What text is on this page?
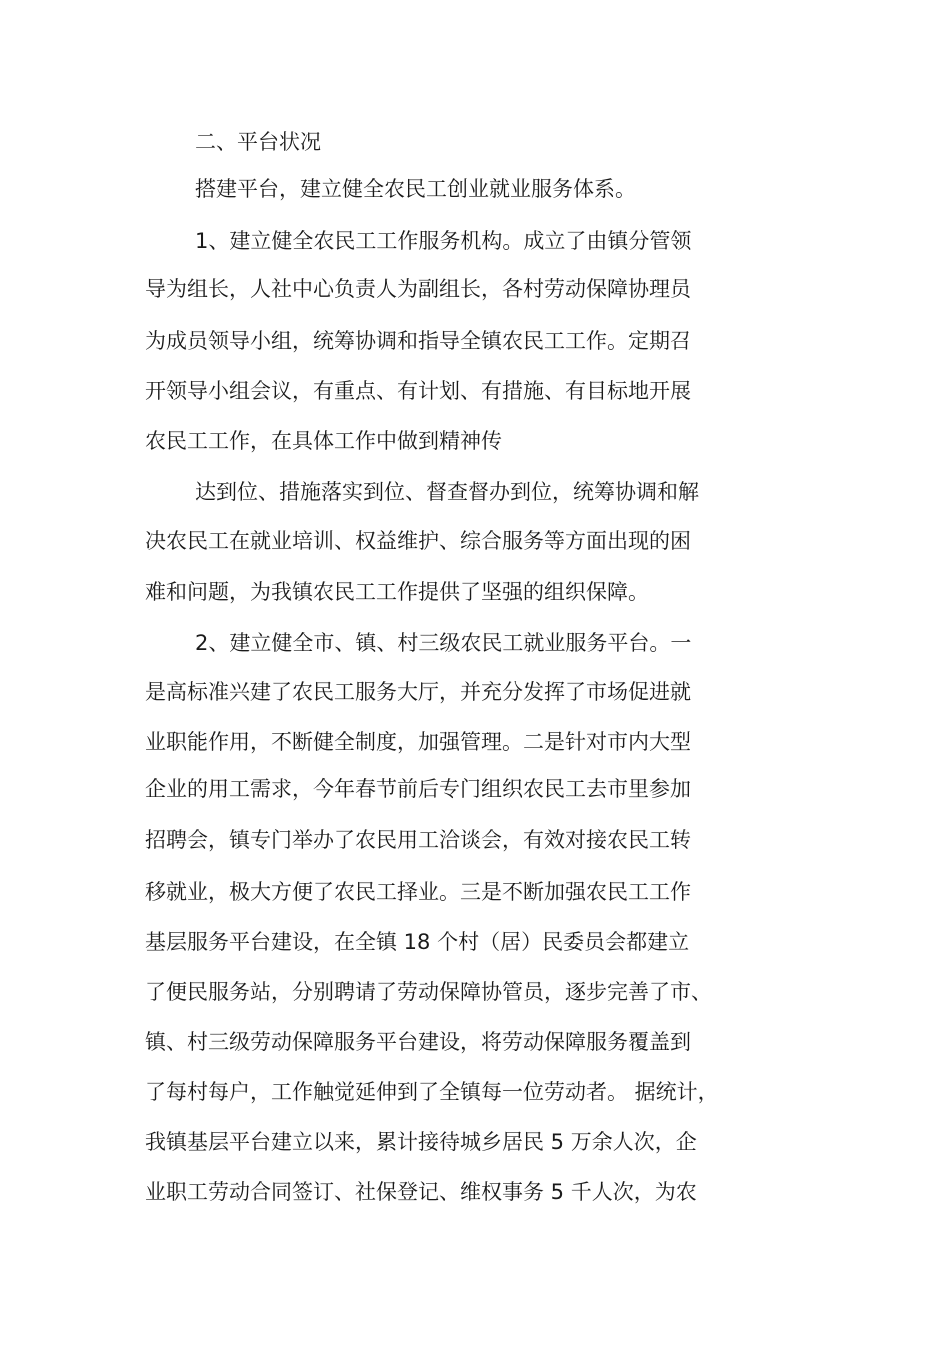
二、平台状况

搭建平台，建立健全农民工创业就业服务体系。

1、建立健全农民工工作服务机构。成立了由镇分管领

导为组长，人社中心负责人为副组长，各村劳动保障协理员

为成员领导小组，统筹协调和指导全镇农民工工作。定期召

开领导小组会议，有重点、有计划、有措施、有目标地开展

农民工工作，在具体工作中做到精神传

达到位、措施落实到位、督查督办到位，统筹协调和解

决农民工在就业培训、权益维护、综合服务等方面出现的困

难和问题，为我镇农民工工作提供了坚强的组织保障。

2、建立健全市、镇、村三级农民工就业服务平台。一

是高标准兴建了农民工服务大厅，并充分发挥了市场促进就

业职能作用，不断健全制度，加强管理。二是针对市内大型

企业的用工需求，今年春节前后专门组织农民工去市里参加

招聘会，镇专门举办了农民用工洽谈会，有效对接农民工转

移就业，极大方便了农民工择业。三是不断加强农民工工作

基层服务平台建设，在全镇 18 个村（居）民委员会都建立

了便民服务站，分别聘请了劳动保障协管员，逐步完善了市、

镇、村三级劳动保障服务平台建设，将劳动保障服务覆盖到

了每村每户，工作触觉延伸到了全镇每一位劳动者。 据统计，

我镇基层平台建立以来，累计接待城乡居民 5 万余人次，企

业职工劳动合同签订、社保登记、维权事务 5 千人次，为农
